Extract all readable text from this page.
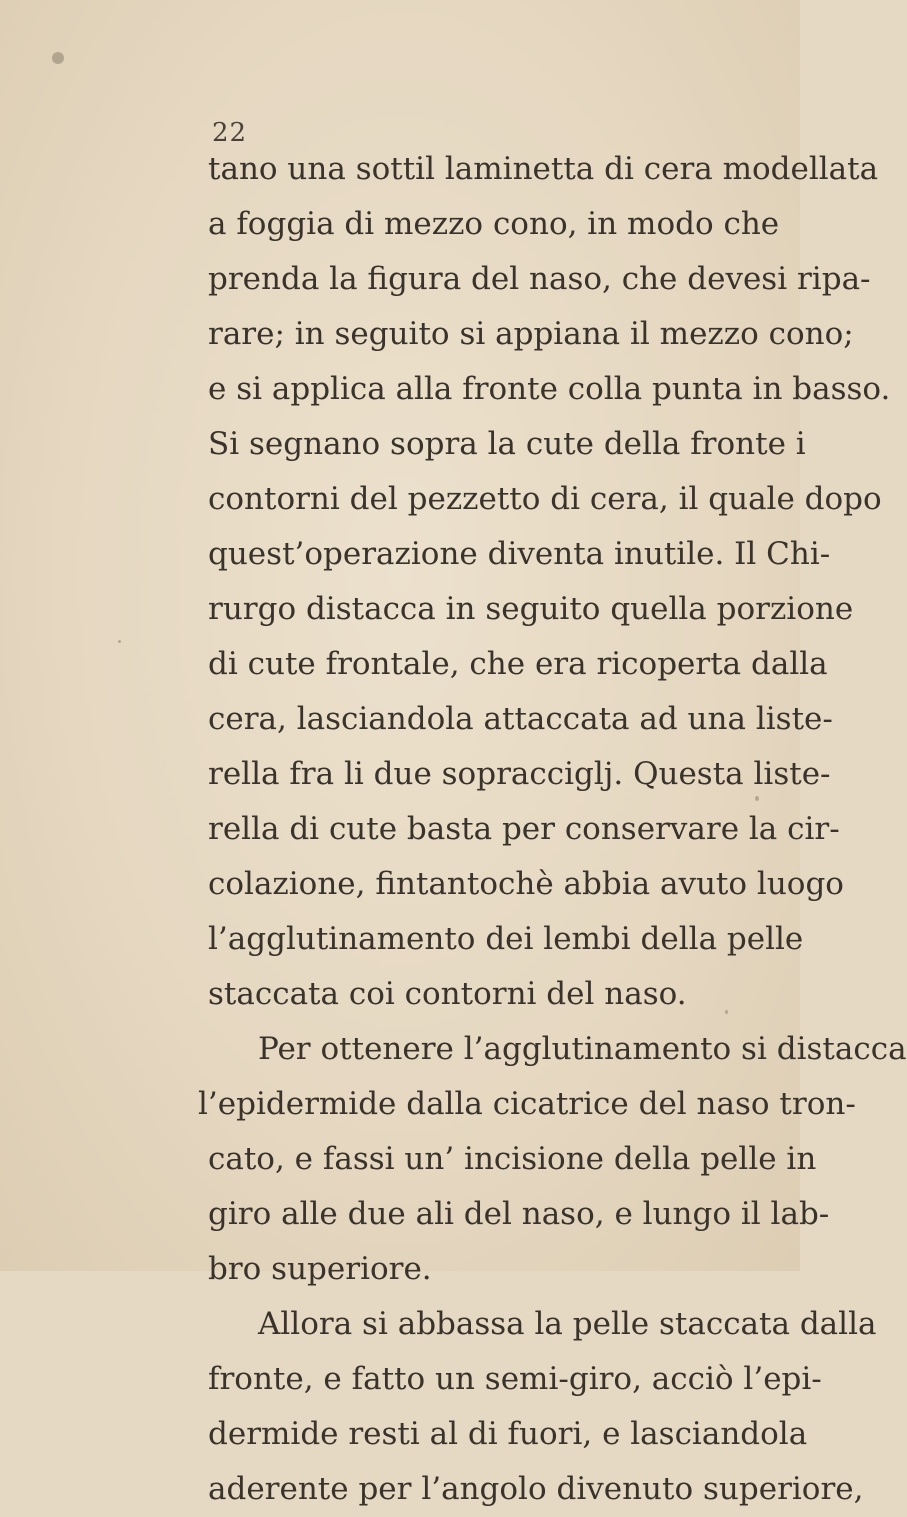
22
tano una sottil laminetta di cera modellata
a foggia di mezzo cono, in modo che
prenda la figura del naso, che devesi ripa-
rare; in seguito si appiana il mezzo cono;
e si applica alla fronte colla punta in basso.
Si segnano sopra la cute della fronte i
contorni del pezzetto di cera, il quale dopo
quest’operazione diventa inutile. Il Chi-
rurgo distacca in seguito quella porzione
di cute frontale, che era ricoperta dalla
cera, lasciandola attaccata ad una liste-
rella fra li due sopracciglj. Questa liste-
rella di cute basta per conservare la cir-
colazione, fintantochè abbia avuto luogo
l’agglutinamento dei lembi della pelle
staccata coi contorni del naso.
Per ottenere l’agglutinamento si distacca
l’epidermide dalla cicatrice del naso tron-
cato, e fassi un’ incisione della pelle in
giro alle due ali del naso, e lungo il lab-
bro superiore.
Allora si abbassa la pelle staccata dalla
fronte, e fatto un semi-giro, acciò l’epi-
dermide resti al di fuori, e lasciandola
aderente per l’angolo divenuto superiore,
